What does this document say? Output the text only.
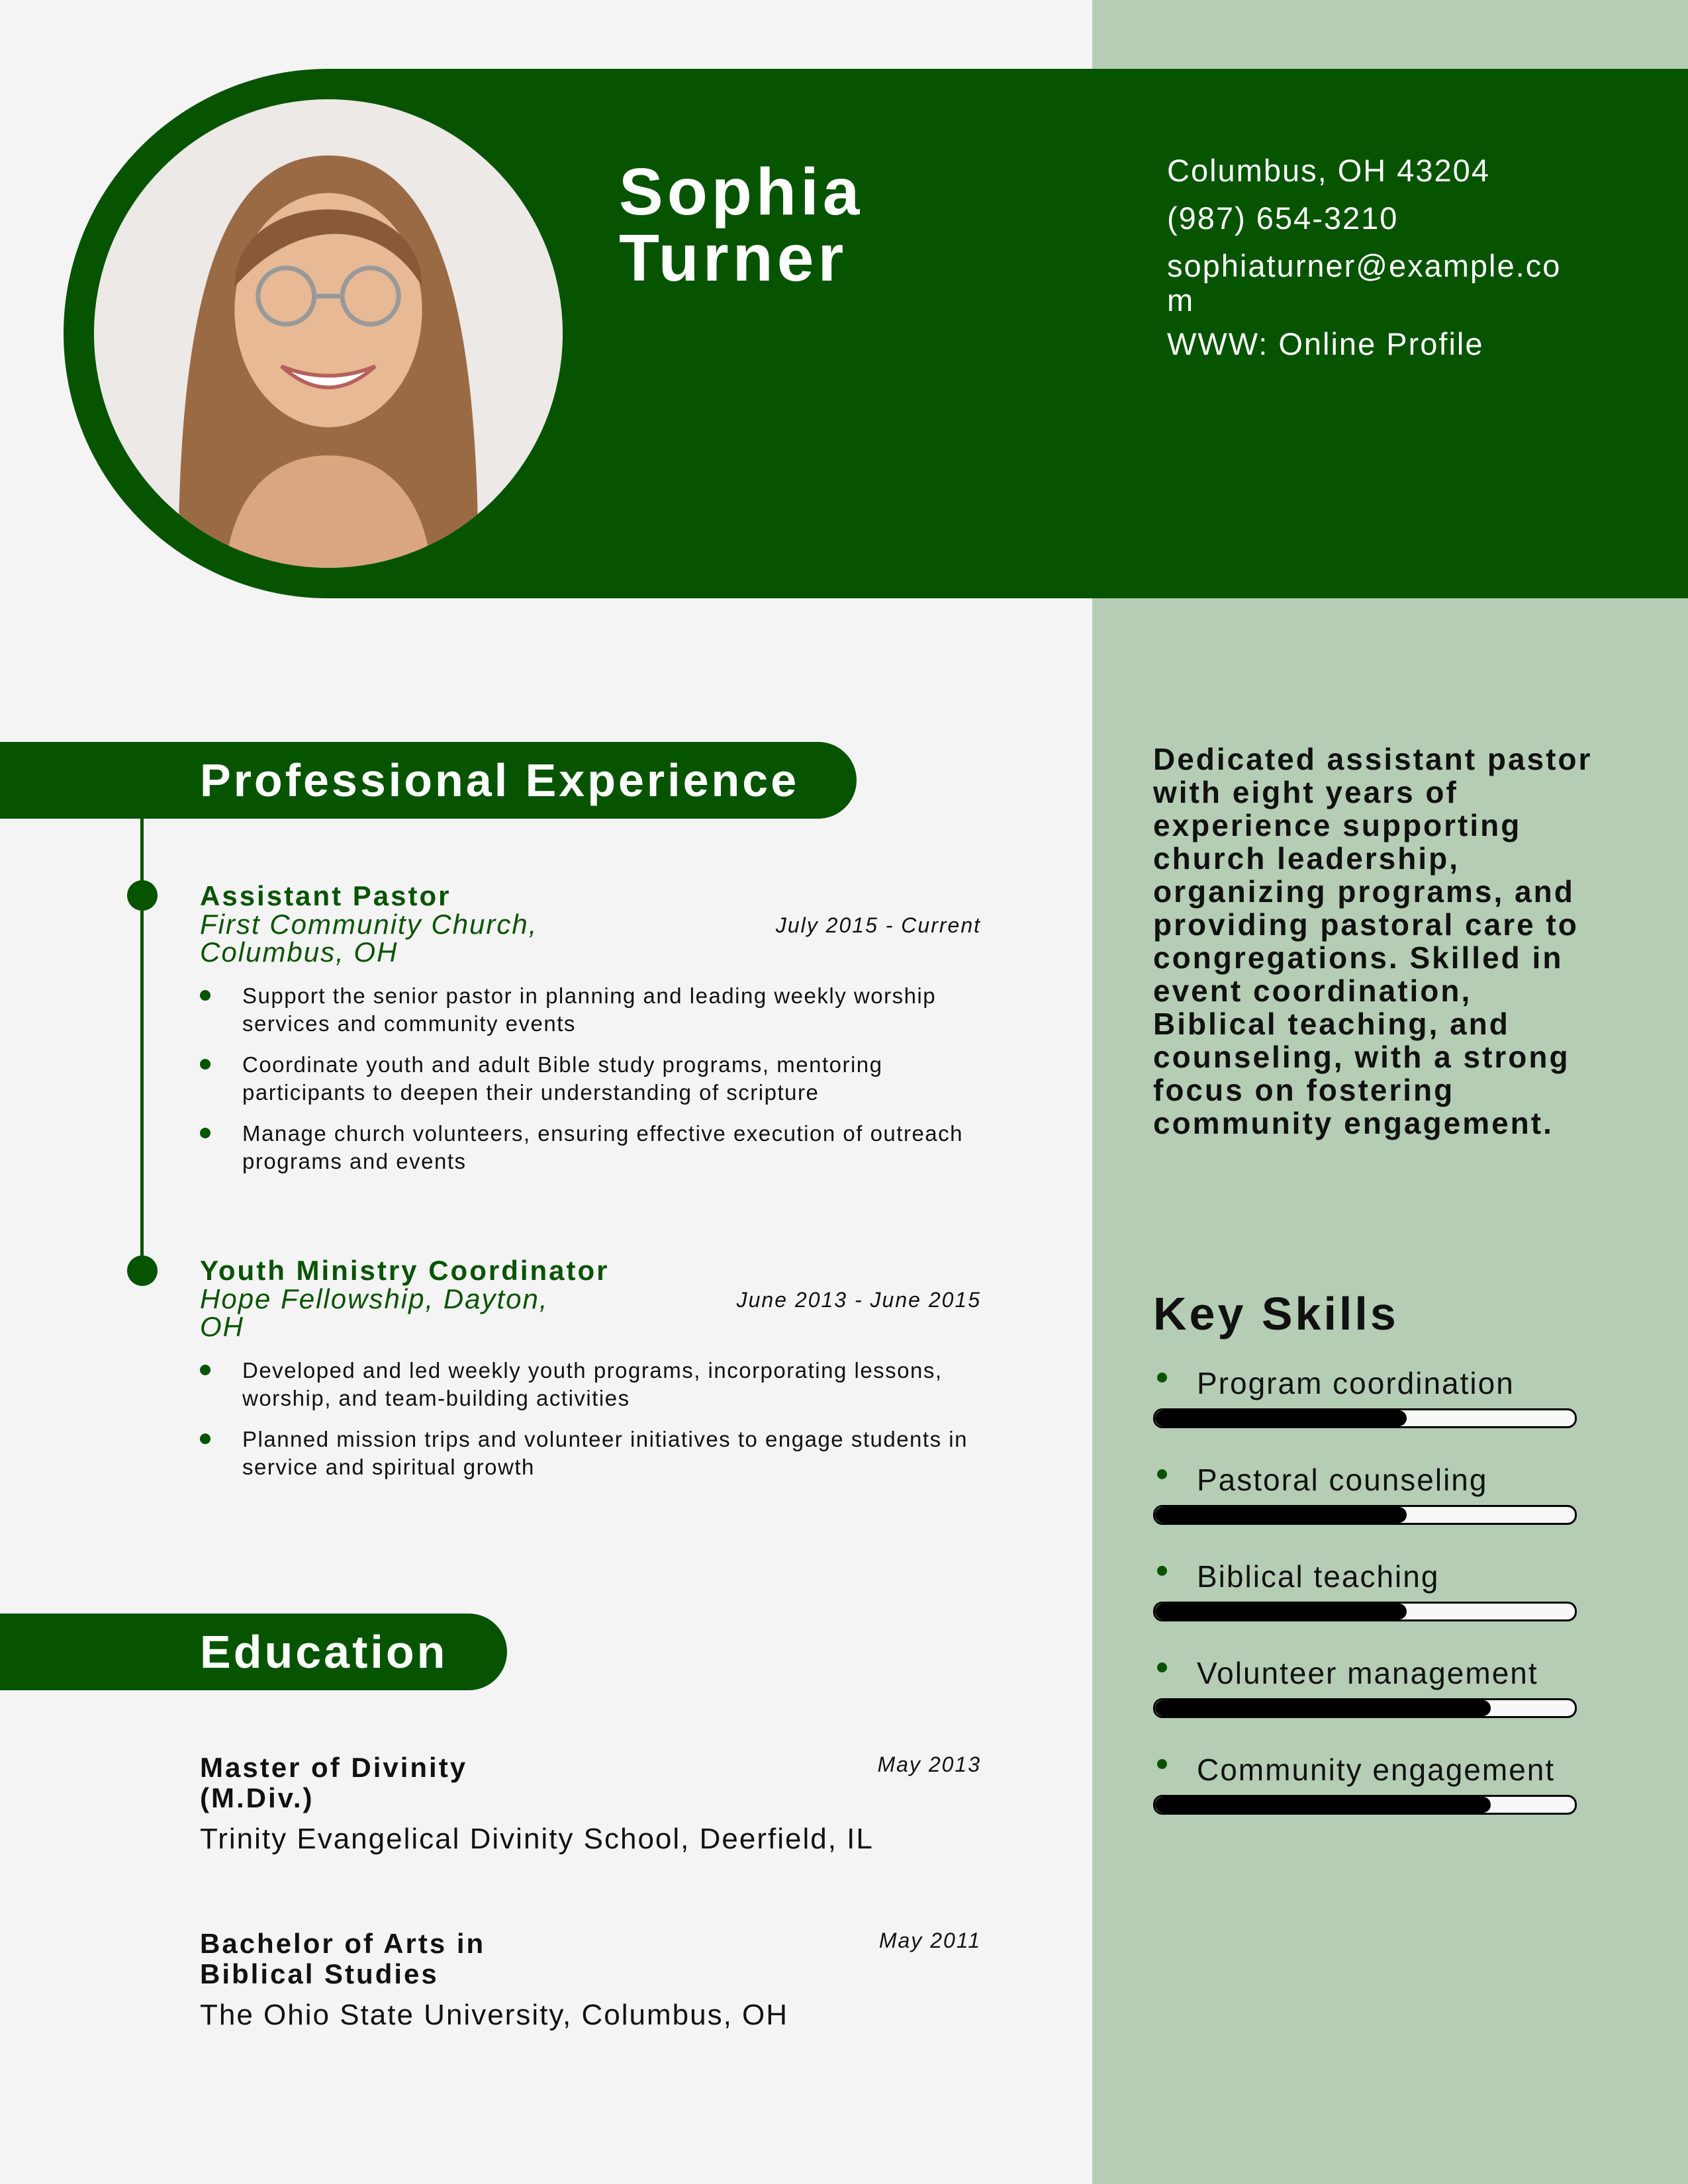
Sophia
Turner
Columbus, OH 43204
(987) 654-3210
sophiaturner@example.com
WWW: Online Profile
Professional Experience
Assistant Pastor
July 2015 - Current
First Community Church, Columbus, OH
Support the senior pastor in planning and leading weekly worship services and community events
Coordinate youth and adult Bible study programs, mentoring participants to deepen their understanding of scripture
Manage church volunteers, ensuring effective execution of outreach programs and events
Youth Ministry Coordinator
June 2013 - June 2015
Hope Fellowship, Dayton, OH
Developed and led weekly youth programs, incorporating lessons, worship, and team-building activities
Planned mission trips and volunteer initiatives to engage students in service and spiritual growth
Education
Master of Divinity (M.Div.)
May 2013
Trinity Evangelical Divinity School, Deerfield, IL
Bachelor of Arts in Biblical Studies
May 2011
The Ohio State University, Columbus, OH

Dedicated assistant pastor with eight years of experience supporting church leadership, organizing programs, and providing pastoral care to congregations. Skilled in event coordination, Biblical teaching, and counseling, with a strong focus on fostering community engagement.

Key Skills
Program coordination
Pastoral counseling
Biblical teaching
Volunteer management
Community engagement
